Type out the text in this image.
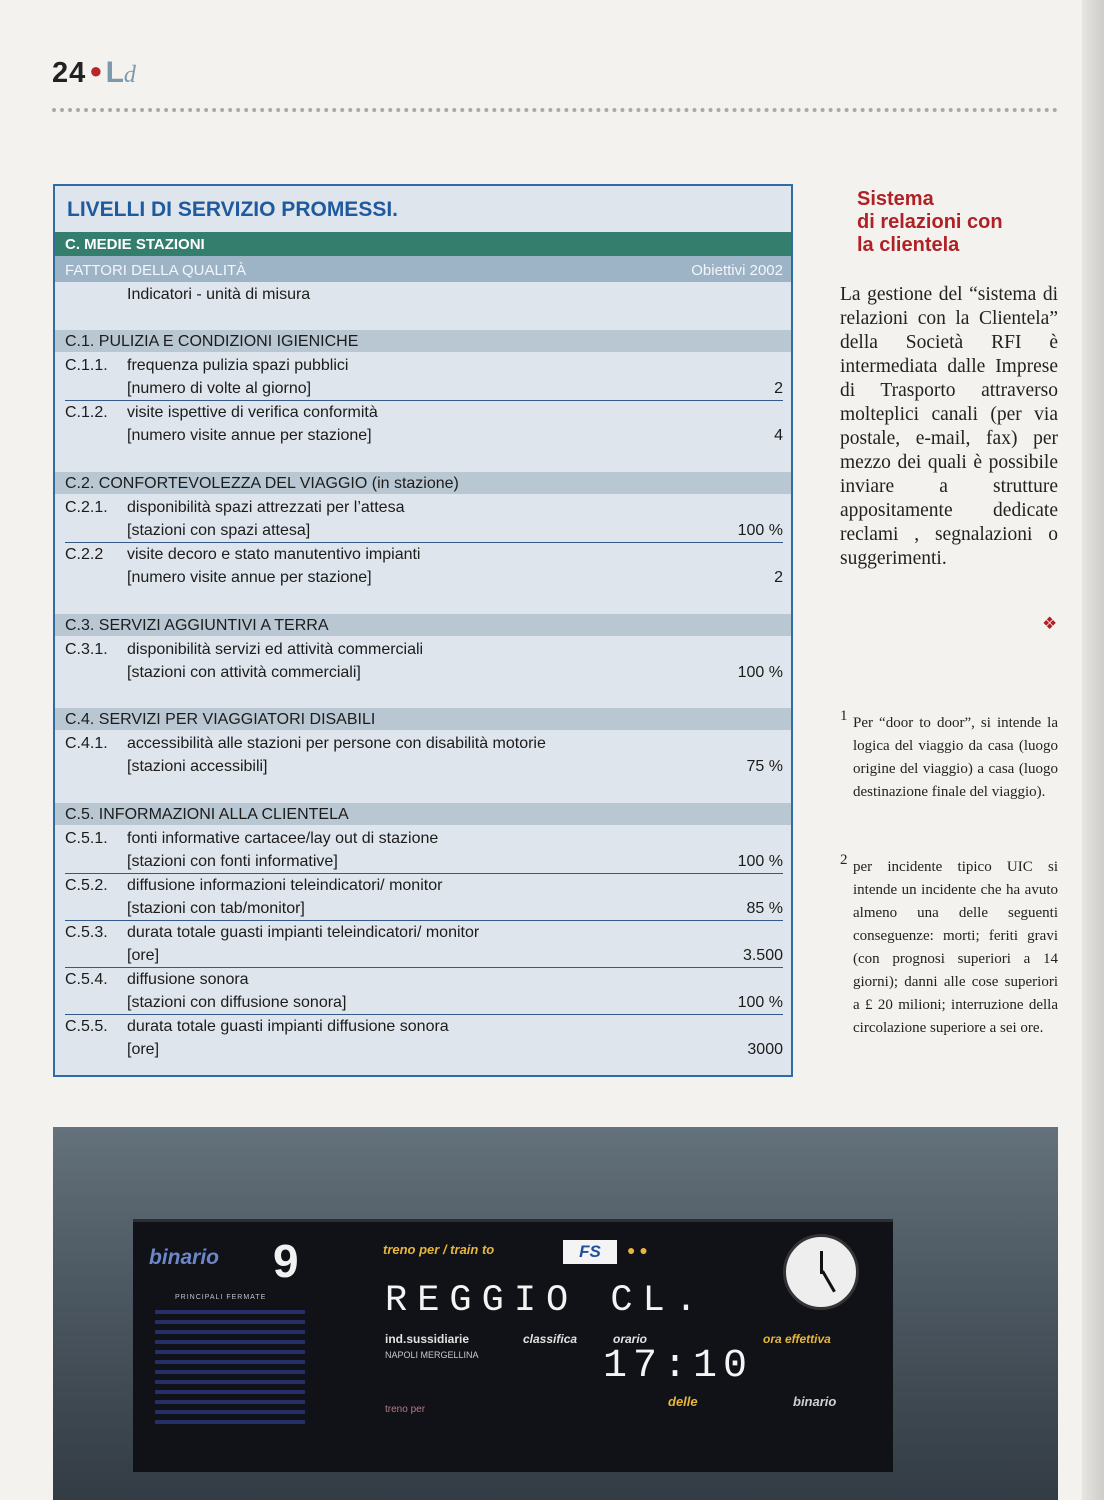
24 ● Ld
LIVELLI DI SERVIZIO PROMESSI.
C. MEDIE STAZIONI
FATTORI DELLA QUALITÀ	Obiettivi 2002
Indicatori - unità di misura
C.1. PULIZIA E CONDIZIONI IGIENICHE
C.1.1. frequenza pulizia spazi pubblici
[numero di volte al giorno]	2
C.1.2. visite ispettive di verifica conformità
[numero visite annue per stazione]	4
C.2. CONFORTEVOLEZZA DEL VIAGGIO (in stazione)
C.2.1. disponibilità spazi attrezzati per l’attesa
[stazioni con spazi attesa]	100 %
C.2.2 visite decoro e stato manutentivo impianti
[numero visite annue per stazione]	2
C.3. SERVIZI AGGIUNTIVI A TERRA
C.3.1. disponibilità servizi ed attività commerciali
[stazioni con attività commerciali]	100 %
C.4. SERVIZI PER VIAGGIATORI DISABILI
C.4.1. accessibilità alle stazioni per persone con disabilità motorie
[stazioni accessibili]	75 %
C.5. INFORMAZIONI ALLA CLIENTELA
C.5.1. fonti informative cartacee/lay out di stazione
[stazioni con fonti informative]	100 %
C.5.2. diffusione informazioni teleindicatori/ monitor
[stazioni con tab/monitor]	85 %
C.5.3. durata totale guasti impianti teleindicatori/ monitor
[ore]	3.500
C.5.4. diffusione sonora
[stazioni con diffusione sonora]	100 %
C.5.5. durata totale guasti impianti diffusione sonora
[ore]	3000
Sistema
di relazioni con
la clientela
La gestione del “sistema di relazioni con la Clientela” della Società RFI è intermediata dalle Imprese di Trasporto attraverso molteplici canali (per via postale, e-mail, fax) per mezzo dei quali è possibile inviare a strutture appositamente dedicate reclami , segnalazioni o suggerimenti.
❖
1 Per “door to door”, si intende la logica del viaggio da casa (luogo origine del viaggio) a casa (luogo destinazione finale del viaggio).
2 per incidente tipico UIC si intende un incidente che ha avuto almeno una delle seguenti conseguenze: morti; feriti gravi (con prognosi superiori a 14 giorni); danni alle cose superiori a £ 20 milioni; interruzione della circolazione superiore a sei ore.
binario 9
PRINCIPALI FERMATE
treno per / train to	FS	● ●
REGGIO CL.
ind.sussidiarie	classifica	orario	ora effettiva
NAPOLI MERGELLINA	17:10
treno per
delle	binario
